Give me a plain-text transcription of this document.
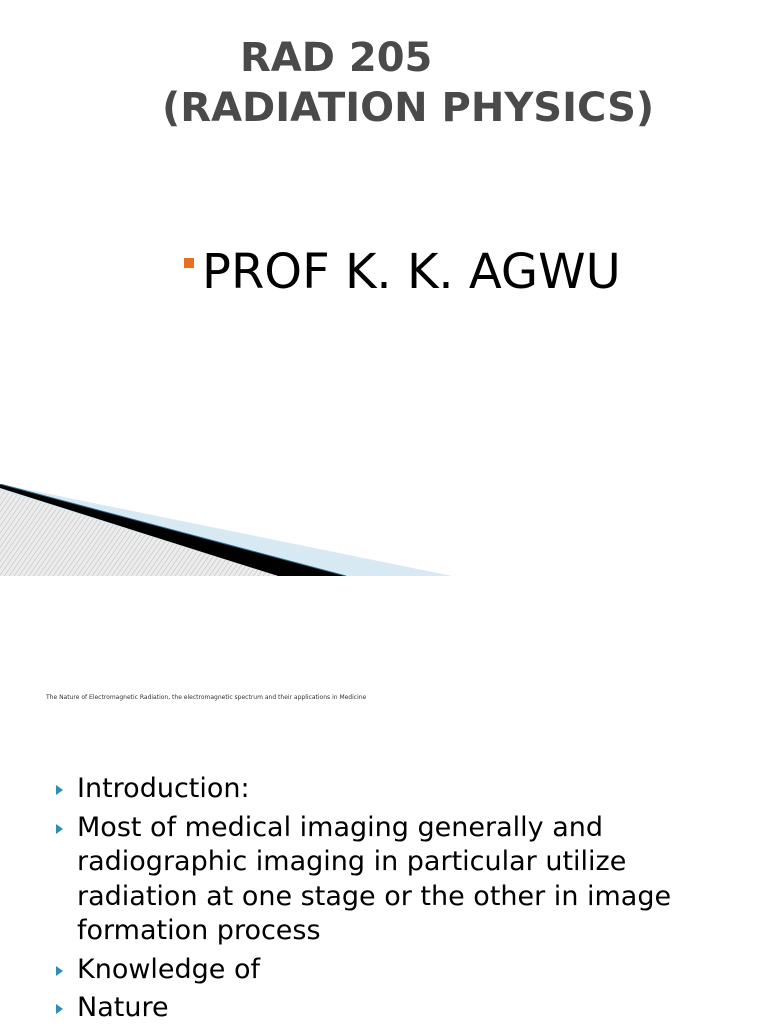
RAD 205
(RADIATION PHYSICS)
PROF K. K. AGWU
The Nature of Electromagnetic Radiation, the electromagnetic spectrum and their applications in Medicine
Introduction:
Most of medical imaging generally and radiographic imaging in particular utilize radiation at one stage or the other in image formation process
Knowledge of
Nature
